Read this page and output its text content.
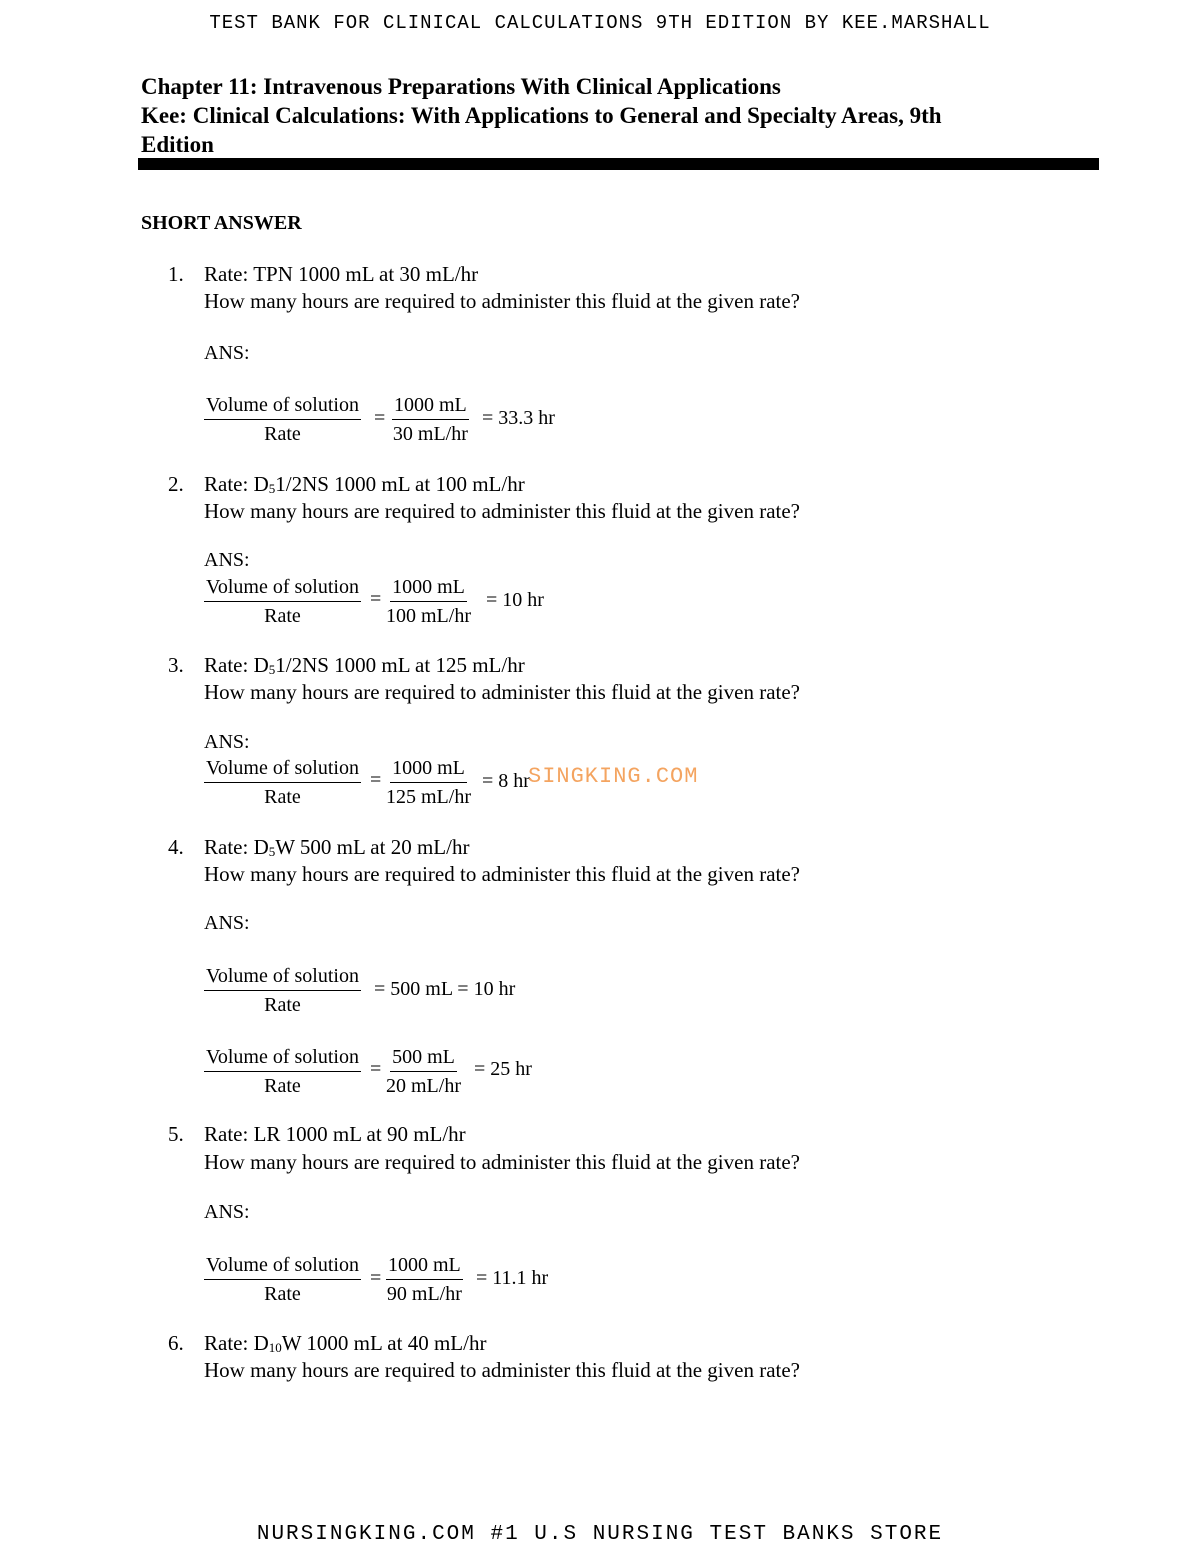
TEST BANK FOR CLINICAL CALCULATIONS 9TH EDITION BY KEE.MARSHALL
Chapter 11: Intravenous Preparations With Clinical Applications
Kee: Clinical Calculations: With Applications to General and Specialty Areas, 9th
Edition
SHORT ANSWER
1. Rate: TPN 1000 mL at 30 mL/hr
How many hours are required to administer this fluid at the given rate?
ANS:
Volume of solution
Rate
= $\frac{1000 mL}{30 mL/hr} = 33.3$ hr
2. Rate: $D_51/2NS$ 1000 mL at 100 mL/hr
How many hours are required to administer this fluid at the given rate?
ANS:
Volume of solution
Rate
= $\frac{1000 mL}{100 mL/hr} = 10$ hr
3. Rate: $D_51/2NS$ 1000 mL at 125 mL/hr
How many hours are required to administer this fluid at the given rate?
ANS:
Volume of solution
Rate
= $\frac{1000 mL}{125 mL/hr} = 8$ hr
SINGKING.COM
4. Rate: $D_5W$ 500 mL at 20 mL/hr
How many hours are required to administer this fluid at the given rate?
ANS:
Volume of solution
Rate
= 500 mL = 10 hr
Volume of solution
Rate
= $\frac{500 mL}{20 mL/hr} = 25$ hr
5. Rate: LR 1000 mL at 90 mL/hr
How many hours are required to administer this fluid at the given rate?
ANS:
Volume of solution
Rate
= $\frac{1000 mL}{90 mL/hr} = 11.1$ hr
6. Rate: $D_{10}W$ 1000 mL at 40 mL/hr
How many hours are required to administer this fluid at the given rate?
NURSINGKING.COM #1 U.S NURSING TEST BANKS STORE
